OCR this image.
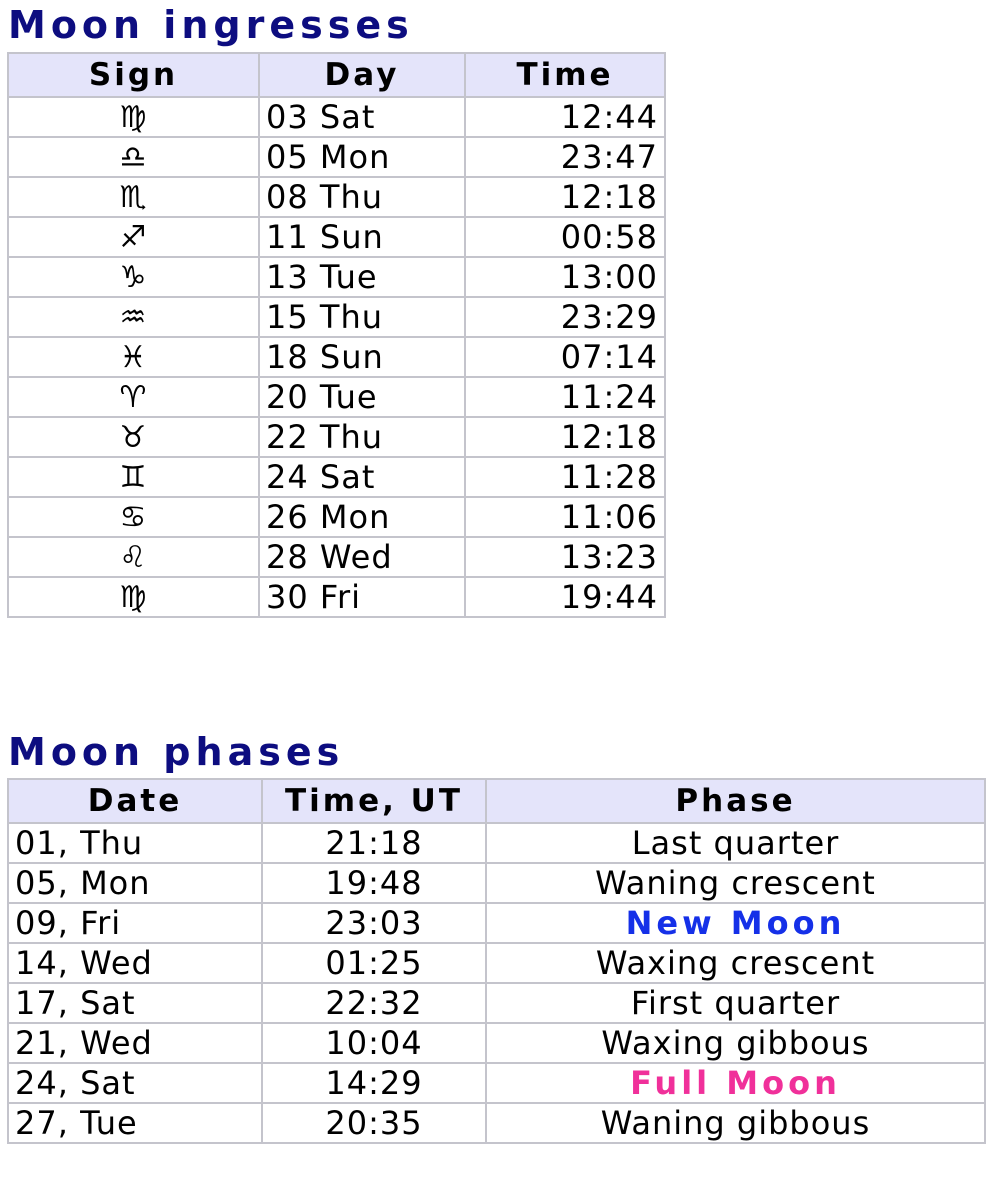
Moon ingresses
Sign	Day	Time
♍	03 Sat	12:44
♎	05 Mon	23:47
♏	08 Thu	12:18
♐	11 Sun	00:58
♑	13 Tue	13:00
♒	15 Thu	23:29
♓	18 Sun	07:14
♈	20 Tue	11:24
♉	22 Thu	12:18
♊	24 Sat	11:28
♋	26 Mon	11:06
♌	28 Wed	13:23
♍	30 Fri	19:44
Moon phases
Date	Time, UT	Phase
01, Thu	21:18	Last quarter
05, Mon	19:48	Waning crescent
09, Fri	23:03	New Moon
14, Wed	01:25	Waxing crescent
17, Sat	22:32	First quarter
21, Wed	10:04	Waxing gibbous
24, Sat	14:29	Full Moon
27, Tue	20:35	Waning gibbous
